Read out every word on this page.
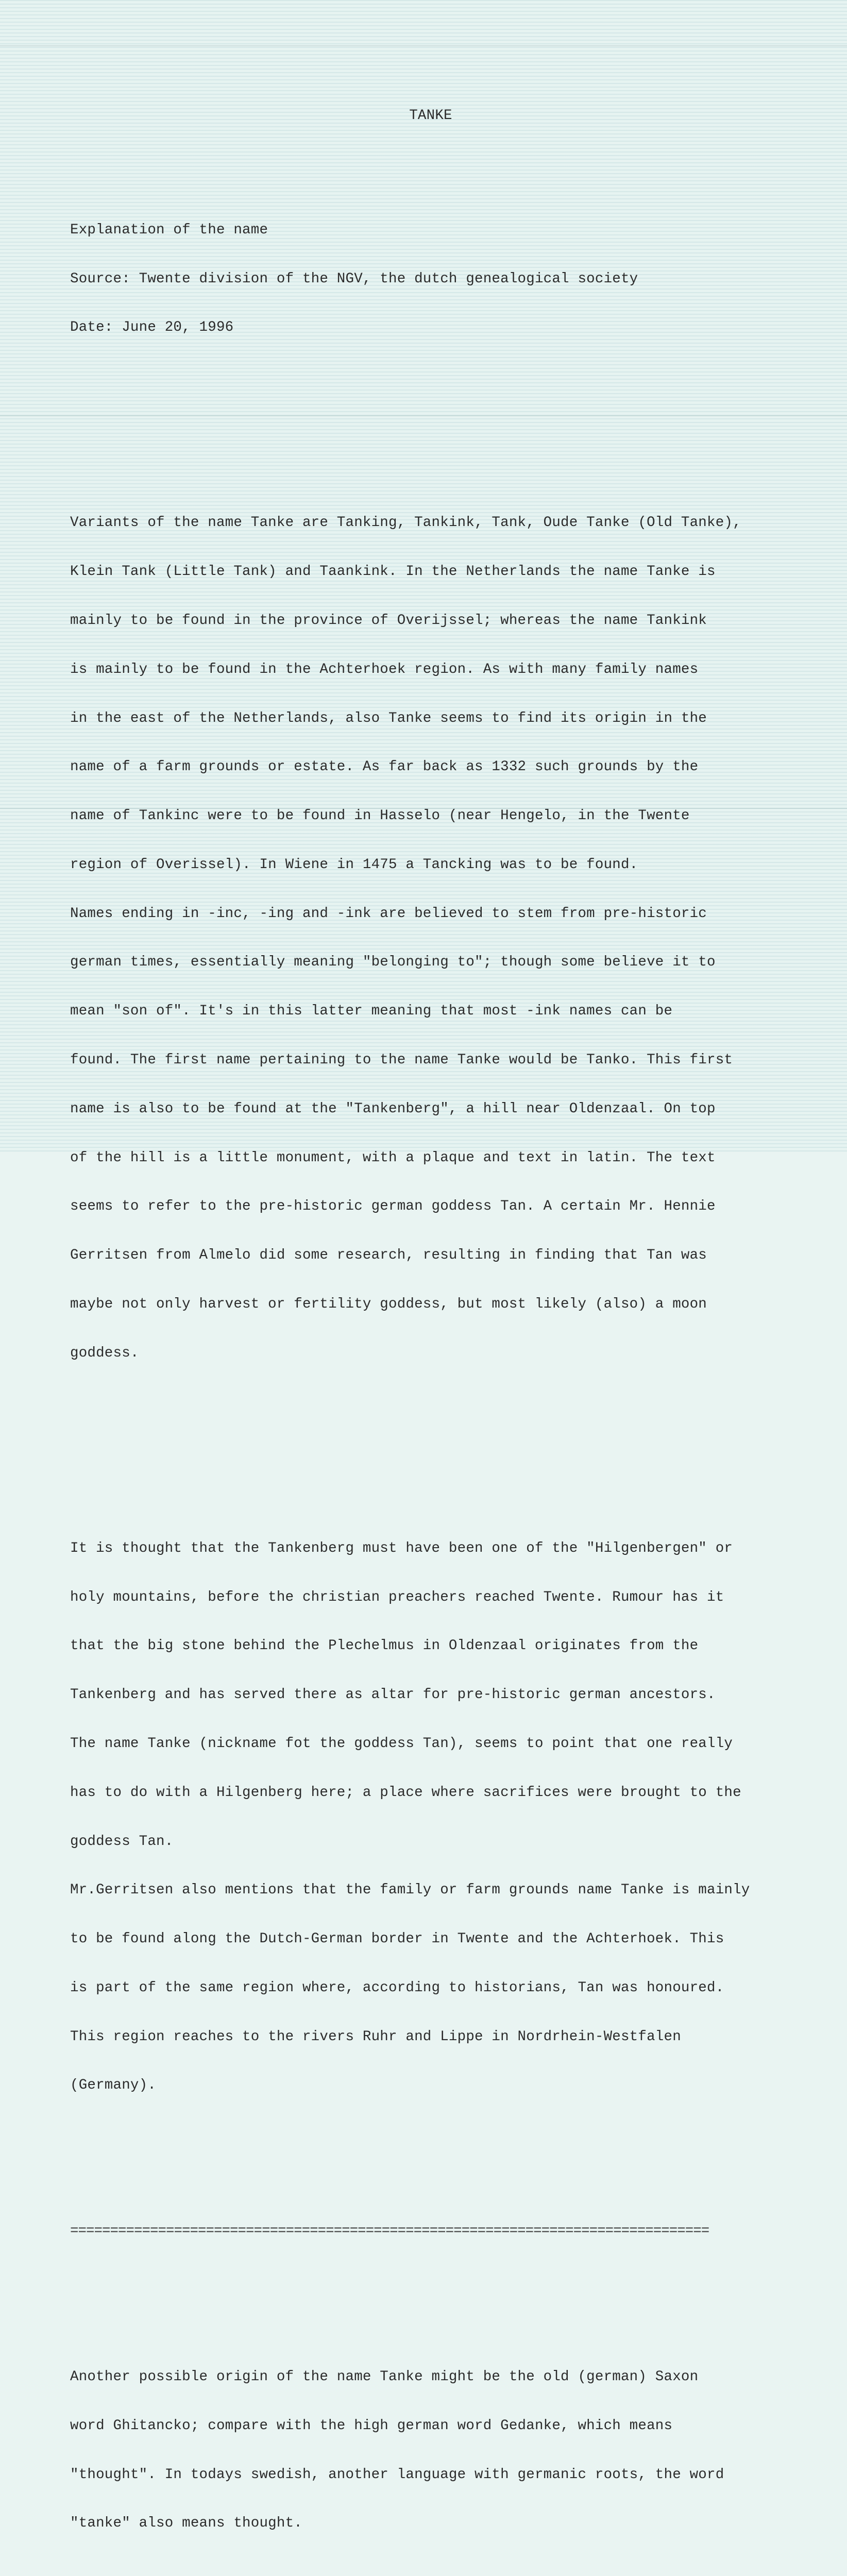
TANKE

Explanation of the name

Source: Twente division of the NGV, the dutch genealogical society

Date: June 20, 1996

Variants of the name Tanke are Tanking, Tankink, Tank, Oude Tanke (Old Tanke),

Klein Tank (Little Tank) and Taankink. In the Netherlands the name Tanke is

mainly to be found in the province of Overijssel; whereas the name Tankink

is mainly to be found in the Achterhoek region. As with many family names

in the east of the Netherlands, also Tanke seems to find its origin in the

name of a farm grounds or estate. As far back as 1332 such grounds by the

name of Tankinc were to be found in Hasselo (near Hengelo, in the Twente

region of Overissel). In Wiene in 1475 a Tancking was to be found.

Names ending in -inc, -ing and -ink are believed to stem from pre-historic

german times, essentially meaning "belonging to"; though some believe it to

mean "son of". It's in this latter meaning that most -ink names can be

found. The first name pertaining to the name Tanke would be Tanko. This first

name is also to be found at the "Tankenberg", a hill near Oldenzaal. On top

of the hill is a little monument, with a plaque and text in latin. The text

seems to refer to the pre-historic german goddess Tan. A certain Mr. Hennie

Gerritsen from Almelo did some research, resulting in finding that Tan was

maybe not only harvest or fertility goddess, but most likely (also) a moon

goddess.

It is thought that the Tankenberg must have been one of the "Hilgenbergen" or

holy mountains, before the christian preachers reached Twente. Rumour has it

that the big stone behind the Plechelmus in Oldenzaal originates from the

Tankenberg and has served there as altar for pre-historic german ancestors.

The name Tanke (nickname fot the goddess Tan), seems to point that one really

has to do with a Hilgenberg here; a place where sacrifices were brought to the

goddess Tan.

Mr.Gerritsen also mentions that the family or farm grounds name Tanke is mainly

to be found along the Dutch-German border in Twente and the Achterhoek. This

is part of the same region where, according to historians, Tan was honoured.

This region reaches to the rivers Ruhr and Lippe in Nordrhein-Westfalen

(Germany).

================================================================================

Another possible origin of the name Tanke might be the old (german) Saxon

word Ghitancko; compare with the high german word Gedanke, which means

"thought". In todays swedish, another language with germanic roots, the word

"tanke" also means thought.
